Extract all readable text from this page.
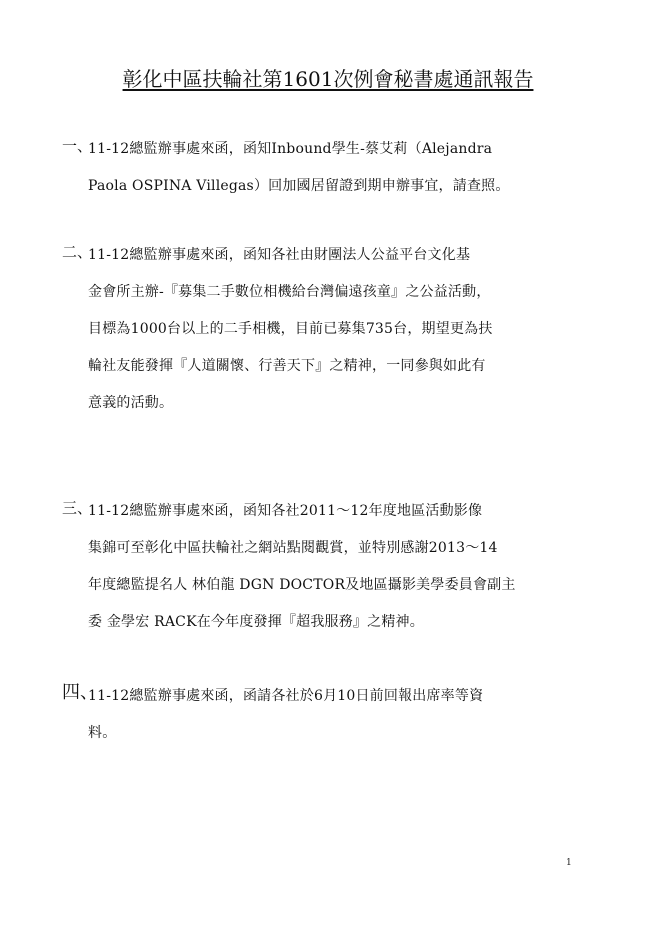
彰化中區扶輪社第1601次例會秘書處通訊報告
一、
11-12總監辦事處來函，函知Inbound學生-蔡艾莉（Alejandra
Paola OSPINA Villegas）回加國居留證到期申辦事宜，請查照。
二、
11-12總監辦事處來函，函知各社由財團法人公益平台文化基
金會所主辦-『募集二手數位相機給台灣偏遠孩童』之公益活動，
目標為1000台以上的二手相機，目前已募集735台，期望更為扶
輪社友能發揮『人道關懷、行善天下』之精神，一同參與如此有
意義的活動。
三、
11-12總監辦事處來函，函知各社2011～12年度地區活動影像
集錦可至彰化中區扶輪社之網站點閱觀賞，並特別感謝2013～14
年度總監提名人 林伯龍 DGN DOCTOR及地區攝影美學委員會副主
委 金學宏 RACK在今年度發揮『超我服務』之精神。
四、
11-12總監辦事處來函，函請各社於6月10日前回報出席率等資
料。
1
